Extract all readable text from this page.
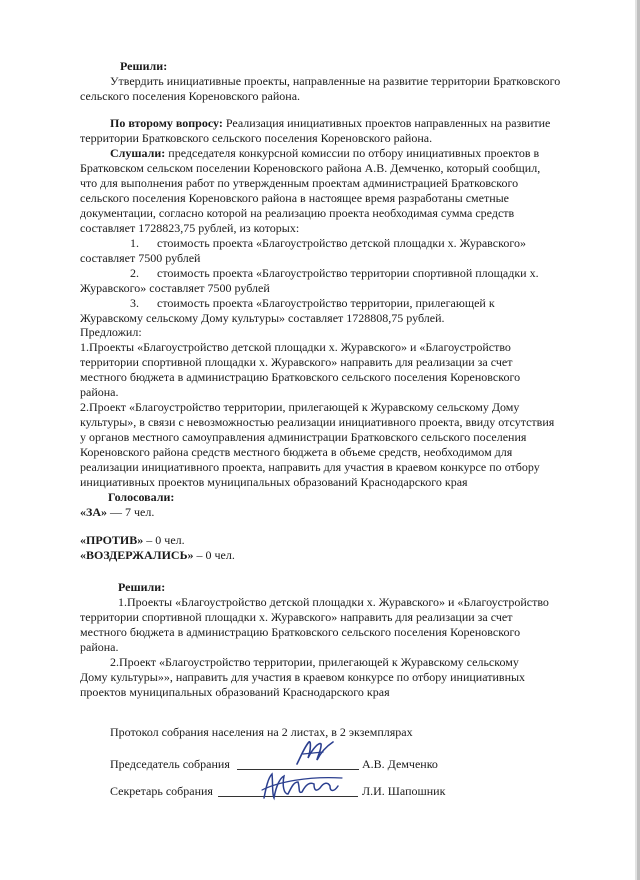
Решили:

Утвердить инициативные проекты, направленные на развитие территории Братковского

сельского поселения Кореновского района.

По второму вопросу: Реализация инициативных проектов направленных на развитие

территории Братковского сельского поселения Кореновского района.

Слушали: председателя конкурсной комиссии по отбору инициативных проектов в

Братковском сельском поселении Кореновского района А.В. Демченко, который сообщил,

что для выполнения работ по утвержденным проектам администрацией Братковского

сельского поселения Кореновского района в настоящее время разработаны сметные

документации, согласно которой на реализацию проекта необходимая сумма средств

составляет 1728823,75 рублей, из которых:

1. стоимость проекта «Благоустройство детской площадки х. Журавского»

составляет 7500 рублей

2. стоимость проекта «Благоустройство территории спортивной площадки х.

Журавского» составляет 7500 рублей

3. стоимость проекта «Благоустройство территории, прилегающей к

Журавскому сельскому Дому культуры» составляет 1728808,75 рублей.

Предложил:

1.Проекты «Благоустройство детской площадки х. Журавского» и «Благоустройство

территории спортивной площадки х. Журавского» направить для реализации за счет

местного бюджета в администрацию Братковского сельского поселения Кореновского

района.

2.Проект «Благоустройство территории, прилегающей к Журавскому сельскому Дому

культуры», в связи с невозможностью реализации инициативного проекта, ввиду отсутствия

у органов местного самоуправления администрации Братковского сельского поселения

Кореновского района средств местного бюджета в объеме средств, необходимом для

реализации инициативного проекта, направить для участия в краевом конкурсе по отбору

инициативных проектов муниципальных образований Краснодарского края

Голосовали:

«ЗА» — 7 чел.

«ПРОТИВ» – 0 чел.

«ВОЗДЕРЖАЛИСЬ» – 0 чел.

Решили:

1.Проекты «Благоустройство детской площадки х. Журавского» и «Благоустройство

территории спортивной площадки х. Журавского» направить для реализации за счет

местного бюджета в администрацию Братковского сельского поселения Кореновского

района.

2.Проект «Благоустройство территории, прилегающей к Журавскому сельскому

Дому культуры»», направить для участия в краевом конкурсе по отбору инициативных

проектов муниципальных образований Краснодарского края

Протокол собрания населения на 2 листах, в 2 экземплярах

Председатель собрания	А.В. Демченко

Секретарь собрания	Л.И. Шапошник
